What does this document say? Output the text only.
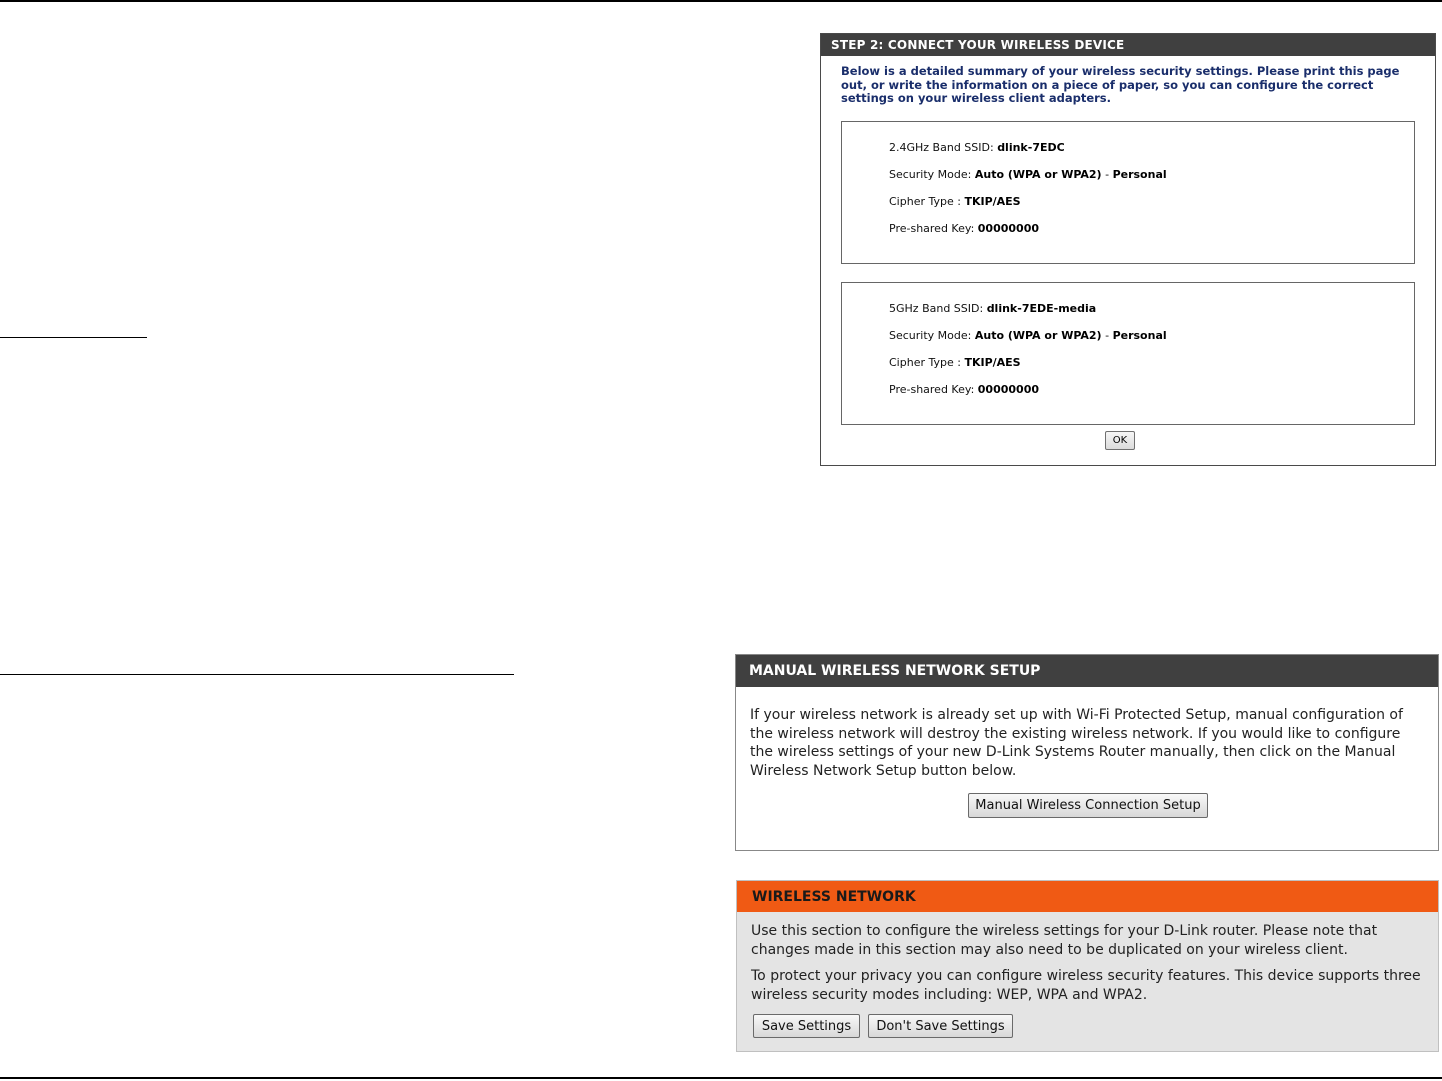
STEP 2: CONNECT YOUR WIRELESS DEVICE
Below is a detailed summary of your wireless security settings. Please print this page out, or write the information on a piece of paper, so you can configure the correct settings on your wireless client adapters.
2.4GHz Band SSID: dlink-7EDC
Security Mode: Auto (WPA or WPA2) - Personal
Cipher Type : TKIP/AES
Pre-shared Key: 00000000
5GHz Band SSID: dlink-7EDE-media
Security Mode: Auto (WPA or WPA2) - Personal
Cipher Type : TKIP/AES
Pre-shared Key: 00000000
OK
MANUAL WIRELESS NETWORK SETUP
If your wireless network is already set up with Wi-Fi Protected Setup, manual configuration of the wireless network will destroy the existing wireless network. If you would like to configure the wireless settings of your new D-Link Systems Router manually, then click on the Manual Wireless Network Setup button below.
Manual Wireless Connection Setup
WIRELESS NETWORK
Use this section to configure the wireless settings for your D-Link router. Please note that changes made in this section may also need to be duplicated on your wireless client.
To protect your privacy you can configure wireless security features. This device supports three wireless security modes including: WEP, WPA and WPA2.
Save Settings	Don't Save Settings
